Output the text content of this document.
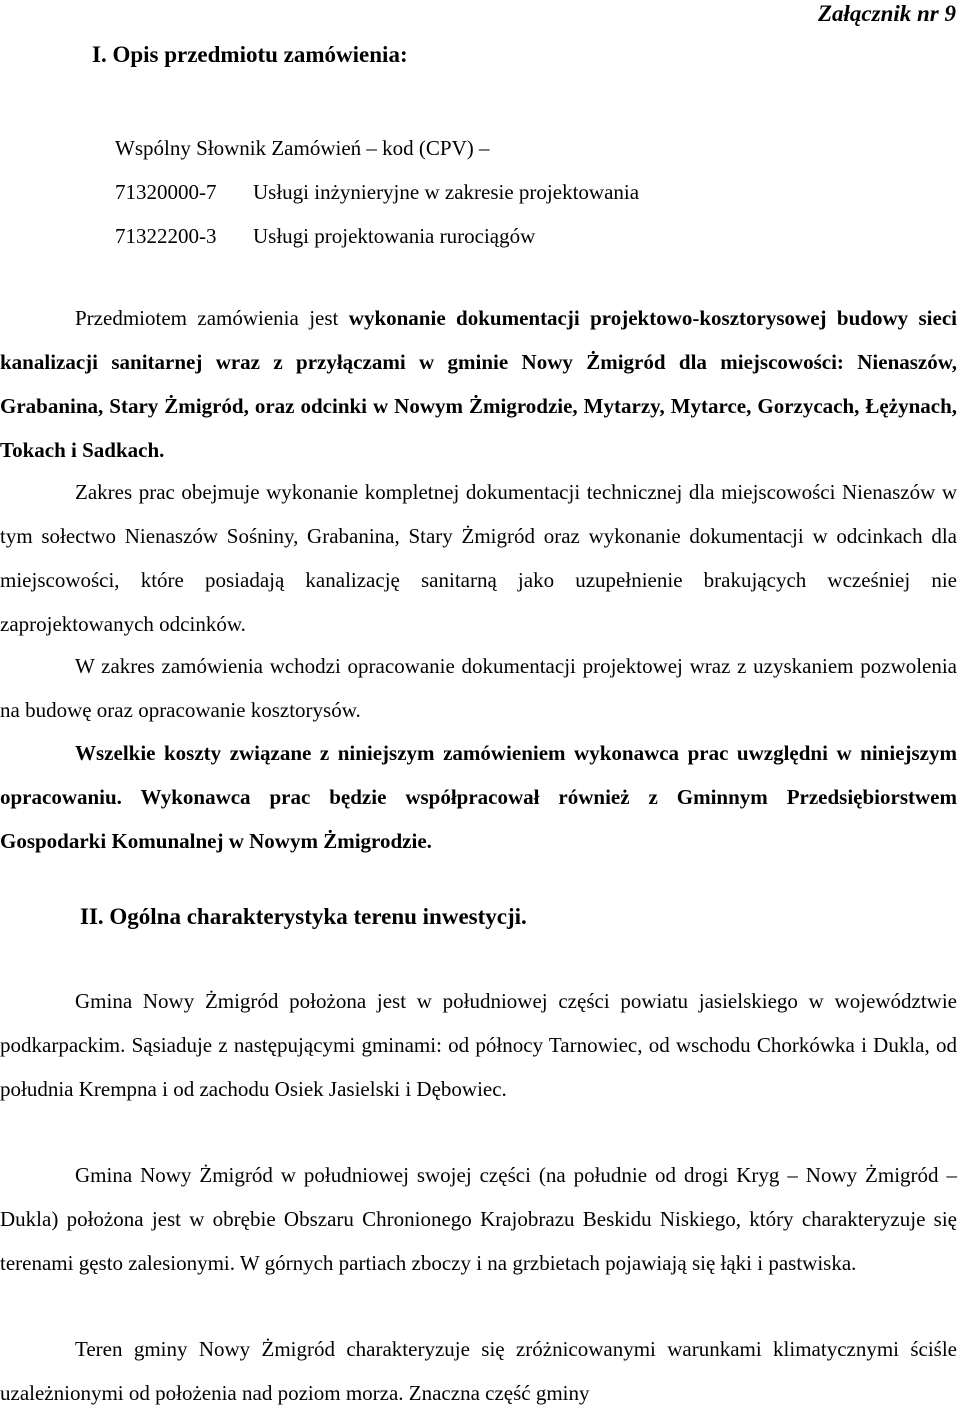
Załącznik nr 9
I. Opis przedmiotu zamówienia:
Wspólny Słownik Zamówień – kod (CPV) –
71320000-7 Usługi inżynieryjne w zakresie projektowania
71322200-3 Usługi projektowania rurociągów

Przedmiotem zamówienia jest wykonanie dokumentacji projektowo-kosztorysowej budowy sieci kanalizacji sanitarnej wraz z przyłączami w gminie Nowy Żmigród dla miejscowości: Nienaszów, Grabanina, Stary Żmigród, oraz odcinki w Nowym Żmigrodzie, Mytarzy, Mytarce, Gorzycach, Łężynach, Tokach i Sadkach.

Zakres prac obejmuje wykonanie kompletnej dokumentacji technicznej dla miejscowości Nienaszów w tym sołectwo Nienaszów Sośniny, Grabanina, Stary Żmigród oraz wykonanie dokumentacji w odcinkach dla miejscowości, które posiadają kanalizację sanitarną jako uzupełnienie brakujących wcześniej nie zaprojektowanych odcinków.

W zakres zamówienia wchodzi opracowanie dokumentacji projektowej wraz z uzyskaniem pozwolenia na budowę oraz opracowanie kosztorysów.

Wszelkie koszty związane z niniejszym zamówieniem wykonawca prac uwzględni w niniejszym opracowaniu. Wykonawca prac będzie współpracował również z Gminnym Przedsiębiorstwem Gospodarki Komunalnej w Nowym Żmigrodzie.

II. Ogólna charakterystyka terenu inwestycji.

Gmina Nowy Żmigród położona jest w południowej części powiatu jasielskiego w województwie podkarpackim. Sąsiaduje z następującymi gminami: od północy Tarnowiec, od wschodu Chorkówka i Dukla, od południa Krempna i od zachodu Osiek Jasielski i Dębowiec.

Gmina Nowy Żmigród w południowej swojej części (na południe od drogi Kryg – Nowy Żmigród – Dukla) położona jest w obrębie Obszaru Chronionego Krajobrazu Beskidu Niskiego, który charakteryzuje się terenami gęsto zalesionymi. W górnych partiach zboczy i na grzbietach pojawiają się łąki i pastwiska.

Teren gminy Nowy Żmigród charakteryzuje się zróżnicowanymi warunkami klimatycznymi ściśle uzależnionymi od położenia nad poziom morza. Znaczna część gminy
